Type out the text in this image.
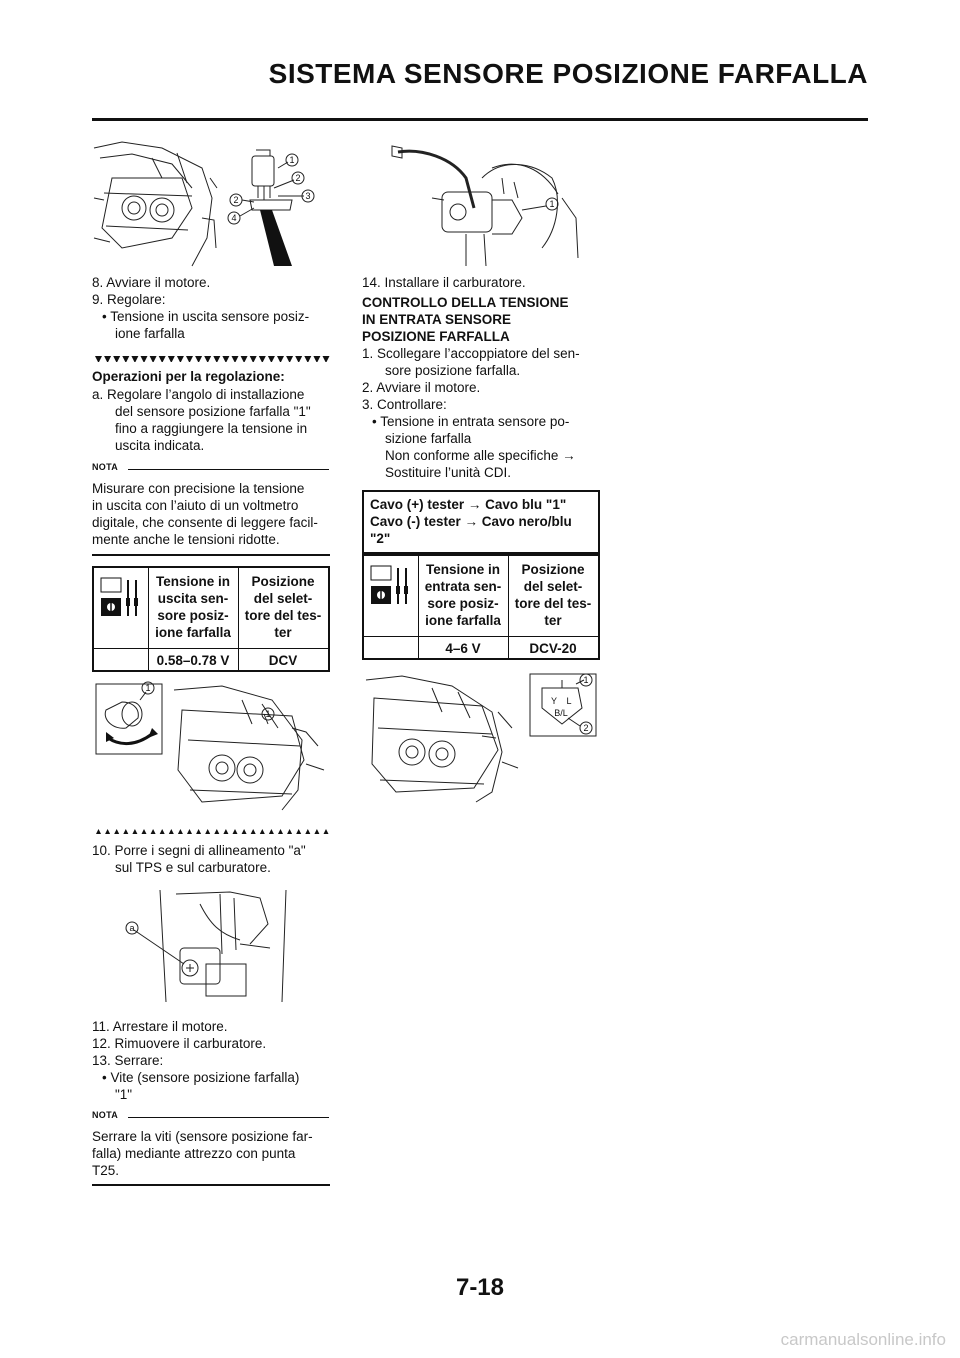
SISTEMA SENSORE POSIZIONE FARFALLA
1
2
3
2
4
8. Avviare il motore.
9. Regolare:
• Tensione in uscita sensore posiz-
ione farfalla
Operazioni per la regolazione:
a. Regolare l’angolo di installazione
del sensore posizione farfalla "1"
fino a raggiungere la tensione in
uscita indicata.
NOTA
Misurare con precisione la tensione
in uscita con l’aiuto di un voltmetro
digitale, che consente di leggere facil-
mente anche le tensioni ridotte.
Tensione in
uscita sen-
sore posiz-
ione farfalla
Posizione
del selet-
tore del tes-
ter
0.58–0.78 V	DCV
1
1
10. Porre i segni di allineamento "a"
sul TPS e sul carburatore.
a
11. Arrestare il motore.
12. Rimuovere il carburatore.
13. Serrare:
• Vite (sensore posizione farfalla)
"1"
NOTA
Serrare la viti (sensore posizione far-
falla) mediante attrezzo con punta
T25.
1
14. Installare il carburatore.
CONTROLLO DELLA TENSIONE
IN ENTRATA SENSORE
POSIZIONE FARFALLA
1. Scollegare l’accoppiatore del sen-
sore posizione farfalla.
2. Avviare il motore.
3. Controllare:
• Tensione in entrata sensore po-
sizione farfalla
Non conforme alle specifiche →
Sostituire l’unità CDI.
Cavo (+) tester → Cavo blu "1"
Cavo (-) tester → Cavo nero/blu
"2"
Tensione in
entrata sen-
sore posiz-
ione farfalla
Posizione
del selet-
tore del tes-
ter
4–6 V	DCV-20
Y L
B/L
1
2
7-18
carmanualsonline.info
